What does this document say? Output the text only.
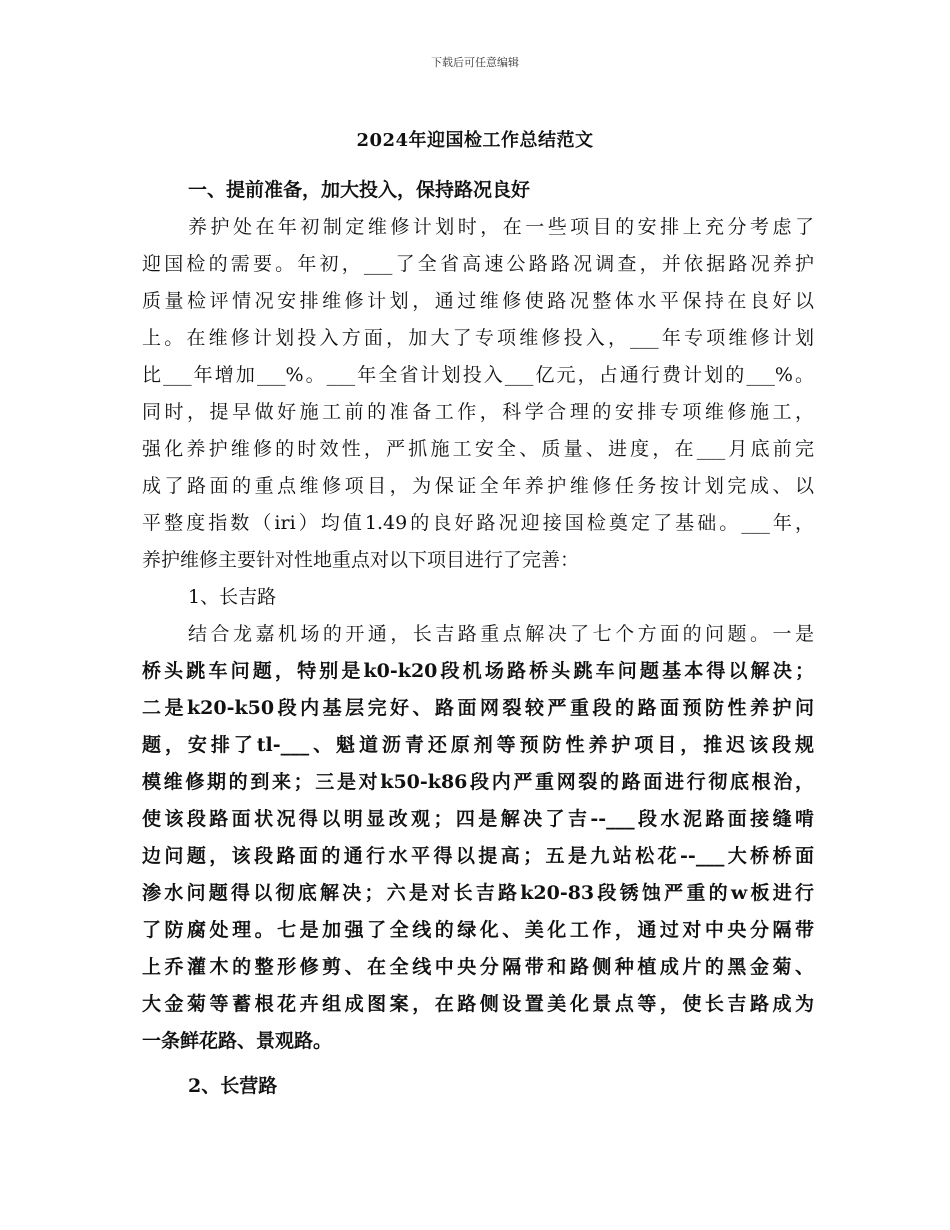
下载后可任意编辑
2024年迎国检工作总结范文
一、提前准备，加大投入，保持路况良好
养护处在年初制定维修计划时，在一些项目的安排上充分考虑了
迎国检的需要。年初，___了全省高速公路路况调查，并依据路况养护
质量检评情况安排维修计划，通过维修使路况整体水平保持在良好以
上。在维修计划投入方面，加大了专项维修投入，___年专项维修计划
比___年增加___%。___年全省计划投入___亿元，占通行费计划的___%。
同时，提早做好施工前的准备工作，科学合理的安排专项维修施工，
强化养护维修的时效性，严抓施工安全、质量、进度，在___月底前完
成了路面的重点维修项目，为保证全年养护维修任务按计划完成、以
平整度指数（iri）均值1.49的良好路况迎接国检奠定了基础。___年，
养护维修主要针对性地重点对以下项目进行了完善：
1、长吉路
结合龙嘉机场的开通，长吉路重点解决了七个方面的问题。一是
桥头跳车问题，特别是k0-k20段机场路桥头跳车问题基本得以解决；
二是k20-k50段内基层完好、路面网裂较严重段的路面预防性养护问
题，安排了tl-___、魁道沥青还原剂等预防性养护项目，推迟该段规
模维修期的到来；三是对k50-k86段内严重网裂的路面进行彻底根治，
使该段路面状况得以明显改观；四是解决了吉--___段水泥路面接缝啃
边问题，该段路面的通行水平得以提高；五是九站松花--___大桥桥面
渗水问题得以彻底解决；六是对长吉路k20-83段锈蚀严重的w板进行
了防腐处理。七是加强了全线的绿化、美化工作，通过对中央分隔带
上乔灌木的整形修剪、在全线中央分隔带和路侧种植成片的黑金菊、
大金菊等蓄根花卉组成图案，在路侧设置美化景点等，使长吉路成为
一条鲜花路、景观路。
2、长营路
